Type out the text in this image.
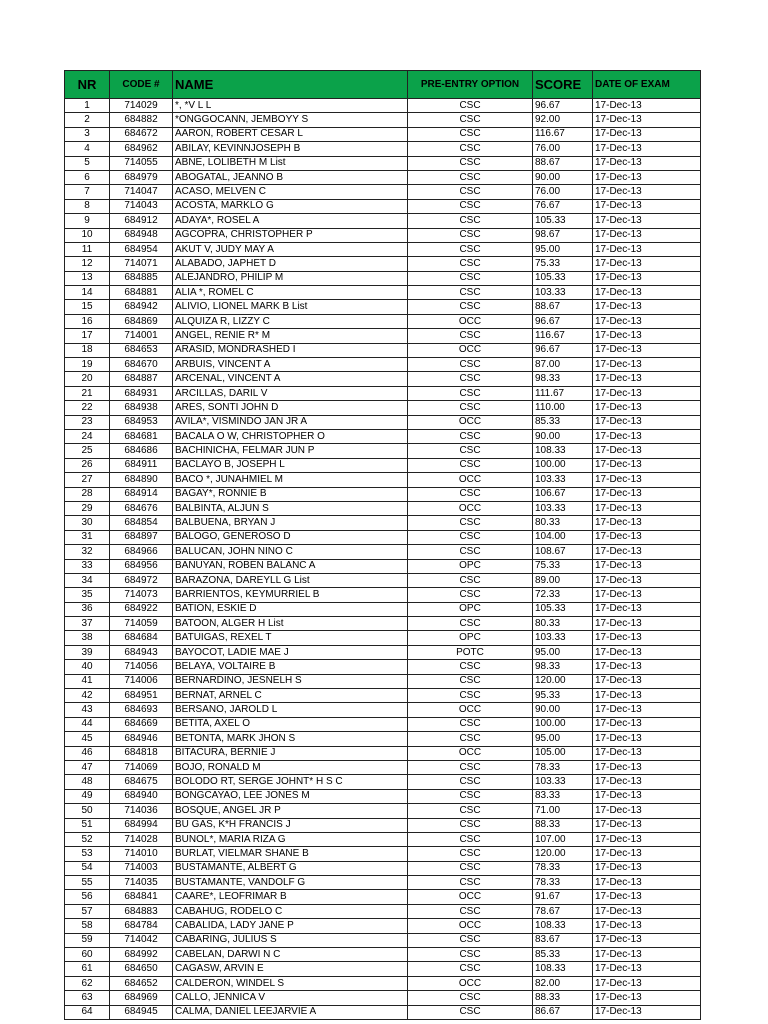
NR	CODE #	NAME	PRE-ENTRY OPTION	SCORE	DATE OF EXAM
1	714029	*, *V L L	CSC	96.67	17-Dec-13
2	684882	*ONGGOCANN, JEMBOYY S	CSC	92.00	17-Dec-13
3	684672	AARON, ROBERT CESAR L	CSC	116.67	17-Dec-13
4	684962	ABILAY, KEVINNJOSEPH B	CSC	76.00	17-Dec-13
5	714055	ABNE, LOLIBETH M List	CSC	88.67	17-Dec-13
6	684979	ABOGATAL, JEANNO B	CSC	90.00	17-Dec-13
7	714047	ACASO, MELVEN C	CSC	76.00	17-Dec-13
8	714043	ACOSTA, MARKLO G	CSC	76.67	17-Dec-13
9	684912	ADAYA*, ROSEL A	CSC	105.33	17-Dec-13
10	684948	AGCOPRA, CHRISTOPHER P	CSC	98.67	17-Dec-13
11	684954	AKUT V, JUDY MAY A	CSC	95.00	17-Dec-13
12	714071	ALABADO, JAPHET D	CSC	75.33	17-Dec-13
13	684885	ALEJANDRO, PHILIP M	CSC	105.33	17-Dec-13
14	684881	ALIA *, ROMEL C	CSC	103.33	17-Dec-13
15	684942	ALIVIO, LIONEL MARK B List	CSC	88.67	17-Dec-13
16	684869	ALQUIZA R, LIZZY C	OCC	96.67	17-Dec-13
17	714001	ANGEL, RENIE R* M	CSC	116.67	17-Dec-13
18	684653	ARASID, MONDRASHED I	OCC	96.67	17-Dec-13
19	684670	ARBUIS, VINCENT A	CSC	87.00	17-Dec-13
20	684887	ARCENAL, VINCENT A	CSC	98.33	17-Dec-13
21	684931	ARCILLAS, DARIL V	CSC	111.67	17-Dec-13
22	684938	ARES, SONTI JOHN D	CSC	110.00	17-Dec-13
23	684953	AVILA*, VISMINDO JAN JR A	OCC	85.33	17-Dec-13
24	684681	BACALA O W, CHRISTOPHER O	CSC	90.00	17-Dec-13
25	684686	BACHINICHA, FELMAR JUN P	CSC	108.33	17-Dec-13
26	684911	BACLAYO B, JOSEPH L	CSC	100.00	17-Dec-13
27	684890	BACO *, JUNAHMIEL M	OCC	103.33	17-Dec-13
28	684914	BAGAY*, RONNIE B	CSC	106.67	17-Dec-13
29	684676	BALBINTA, ALJUN S	OCC	103.33	17-Dec-13
30	684854	BALBUENA, BRYAN J	CSC	80.33	17-Dec-13
31	684897	BALOGO, GENEROSO D	CSC	104.00	17-Dec-13
32	684966	BALUCAN, JOHN NINO C	CSC	108.67	17-Dec-13
33	684956	BANUYAN, ROBEN BALANC A	OPC	75.33	17-Dec-13
34	684972	BARAZONA, DAREYLL G List	CSC	89.00	17-Dec-13
35	714073	BARRIENTOS, KEYMURRIEL B	CSC	72.33	17-Dec-13
36	684922	BATION, ESKIE D	OPC	105.33	17-Dec-13
37	714059	BATOON, ALGER H List	CSC	80.33	17-Dec-13
38	684684	BATUIGAS, REXEL T	OPC	103.33	17-Dec-13
39	684943	BAYOCOT, LADIE MAE J	POTC	95.00	17-Dec-13
40	714056	BELAYA, VOLTAIRE B	CSC	98.33	17-Dec-13
41	714006	BERNARDINO, JESNELH S	CSC	120.00	17-Dec-13
42	684951	BERNAT, ARNEL C	CSC	95.33	17-Dec-13
43	684693	BERSANO, JAROLD L	OCC	90.00	17-Dec-13
44	684669	BETITA, AXEL O	CSC	100.00	17-Dec-13
45	684946	BETONTA, MARK JHON S	CSC	95.00	17-Dec-13
46	684818	BITACURA, BERNIE J	OCC	105.00	17-Dec-13
47	714069	BOJO, RONALD M	CSC	78.33	17-Dec-13
48	684675	BOLODO RT, SERGE JOHNT* H S C	CSC	103.33	17-Dec-13
49	684940	BONGCAYAO, LEE JONES M	CSC	83.33	17-Dec-13
50	714036	BOSQUE, ANGEL JR P	CSC	71.00	17-Dec-13
51	684994	BU GAS, K*H FRANCIS J	CSC	88.33	17-Dec-13
52	714028	BUNOL*, MARIA RIZA G	CSC	107.00	17-Dec-13
53	714010	BURLAT, VIELMAR SHANE B	CSC	120.00	17-Dec-13
54	714003	BUSTAMANTE, ALBERT G	CSC	78.33	17-Dec-13
55	714035	BUSTAMANTE, VANDOLF G	CSC	78.33	17-Dec-13
56	684841	CAARE*, LEOFRIMAR B	OCC	91.67	17-Dec-13
57	684883	CABAHUG, RODELO C	CSC	78.67	17-Dec-13
58	684784	CABALIDA, LADY JANE P	OCC	108.33	17-Dec-13
59	714042	CABARING, JULIUS S	CSC	83.67	17-Dec-13
60	684992	CABELAN, DARWI N C	CSC	85.33	17-Dec-13
61	684650	CAGASW, ARVIN E	CSC	108.33	17-Dec-13
62	684652	CALDERON, WINDEL S	OCC	82.00	17-Dec-13
63	684969	CALLO, JENNICA V	CSC	88.33	17-Dec-13
64	684945	CALMA, DANIEL LEEJARVIE A	CSC	86.67	17-Dec-13
